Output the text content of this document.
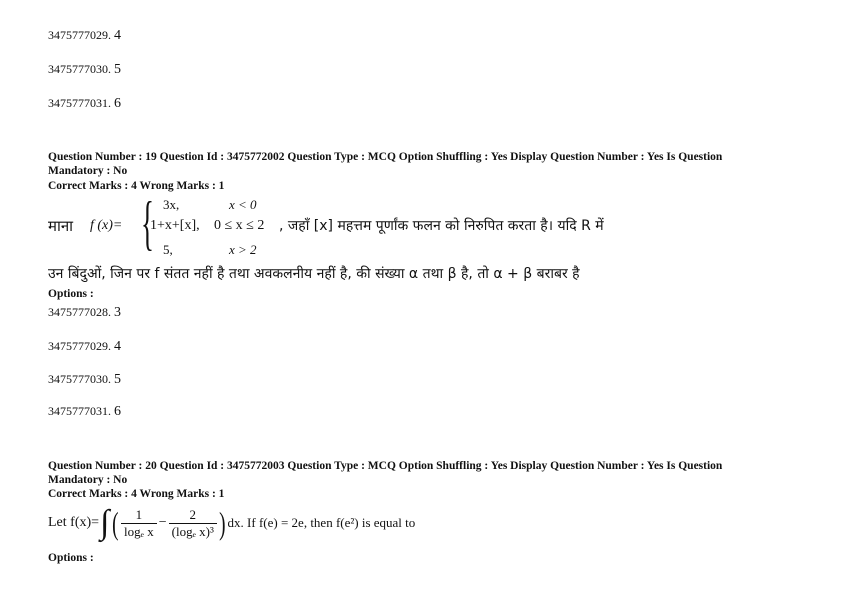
3475777029. 4
3475777030. 5
3475777031. 6
Question Number : 19 Question Id : 3475772002 Question Type : MCQ Option Shuffling : Yes Display Question Number : Yes Is Question
Mandatory : No
Correct Marks : 4 Wrong Marks : 1
माना f (x)= { 3x,	x < 0
1+x+[x], 0 ≤ x ≤ 2
5,	x > 2
, जहाँ [x] महत्तम पूर्णांक फलन को निरुपित करता है। यदि R में
उन बिंदुओं, जिन पर f संतत नहीं है तथा अवकलनीय नहीं है, की संख्या α तथा β है, तो α + β बराबर है
Options :
3475777028. 3
3475777029. 4
3475777030. 5
3475777031. 6
Question Number : 20 Question Id : 3475772003 Question Type : MCQ Option Shuffling : Yes Display Question Number : Yes Is Question
Mandatory : No
Correct Marks : 4 Wrong Marks : 1
Let f(x)= ∫ ( $\frac{1}{\text{logₑ x}} - \frac{2}{\text{(logₑ x)³}}$ ) dx. If f(e) = 2e, then f(e²) is equal to
Options :
